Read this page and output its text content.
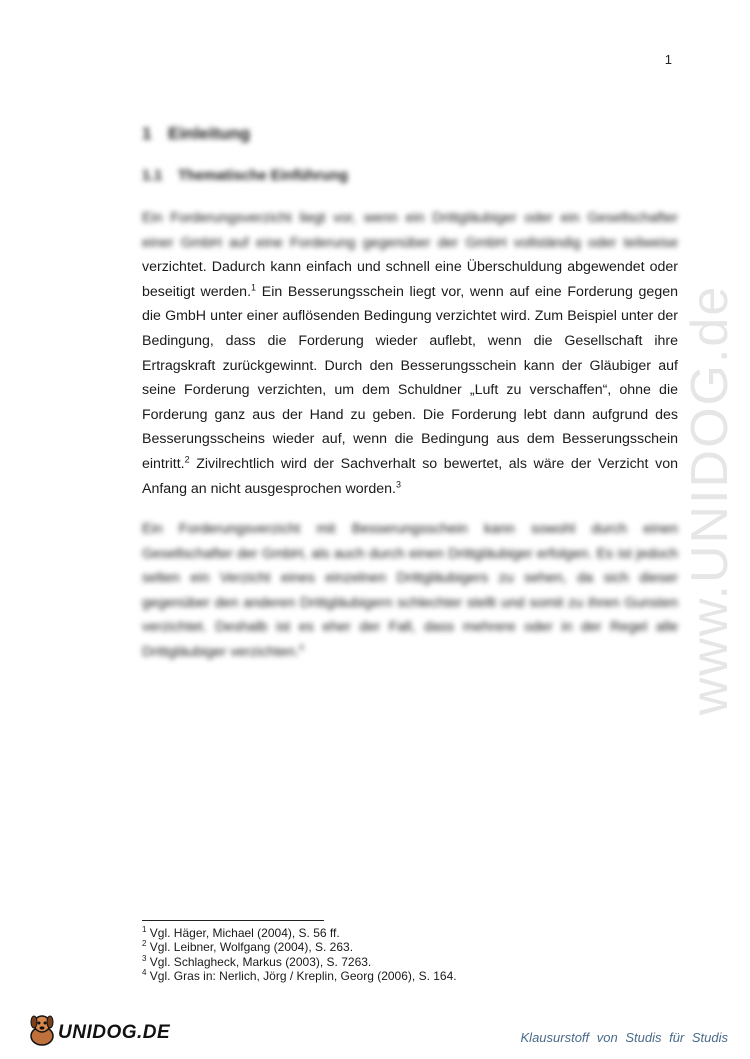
1
1 Einleitung
1.1 Thematische Einführung
Ein Forderungsverzicht liegt vor, wenn ein Drittgläubiger oder ein Gesellschafter einer GmbH auf eine Forderung gegenüber der GmbH vollständig oder teilweise verzichtet. Dadurch kann einfach und schnell eine Überschuldung abgewendet oder beseitigt werden.$^1$ Ein Besserungsschein liegt vor, wenn auf eine Forderung gegen die GmbH unter einer auflösenden Bedingung verzichtet wird. Zum Beispiel unter der Bedingung, dass die Forderung wieder auflebt, wenn die Gesellschaft ihre Ertragskraft zurückgewinnt. Durch den Besserungsschein kann der Gläubiger auf seine Forderung verzichten, um dem Schuldner „Luft zu verschaffen“, ohne die Forderung ganz aus der Hand zu geben. Die Forderung lebt dann aufgrund des Besserungsscheins wieder auf, wenn die Bedingung aus dem Besserungsschein eintritt.$^2$ Zivilrechtlich wird der Sachverhalt so bewertet, als wäre der Verzicht von Anfang an nicht ausgesprochen worden.$^3$
Ein Forderungsverzicht mit Besserungsschein kann sowohl durch einen Gesellschafter der GmbH, als auch durch einen Drittgläubiger erfolgen. Es ist jedoch selten ein Verzicht eines einzelnen Drittgläubigers zu sehen, da sich dieser gegenüber den anderen Drittgläubigern schlechter stellt und somit zu ihren Gunsten verzichtet. Deshalb ist es eher der Fall, dass mehrere oder in der Regel alle Drittgläubiger verzichten.$^4$	www.UNIDOG.de

$^1$ Vgl. Häger, Michael (2004), S. 56 ff.

$^2$ Vgl. Leibner, Wolfgang (2004), S. 263.

$^3$ Vgl. Schlagheck, Markus (2003), S. 7263.

$^4$ Vgl. Gras in: Nerlich, Jörg / Kreplin, Georg (2006), S. 164.

UNIDOG.DE	Klausurstoff von Studis für Studis
